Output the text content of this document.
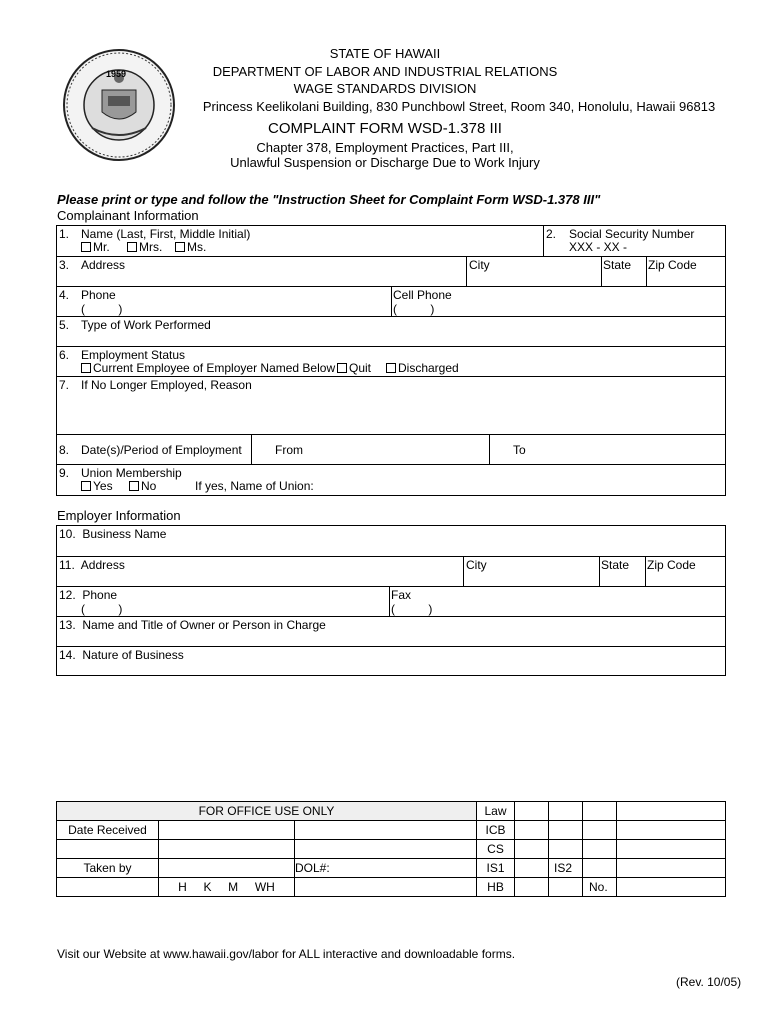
1959
STATE OF HAWAII
DEPARTMENT OF LABOR AND INDUSTRIAL RELATIONS
WAGE STANDARDS DIVISION
Princess Keelikolani Building, 830 Punchbowl Street, Room 340, Honolulu, Hawaii 96813
COMPLAINT FORM WSD-1.378 III
Chapter 378, Employment Practices, Part III,
Unlawful Suspension or Discharge Due to Work Injury
Please print or type and follow the "Instruction Sheet for Complaint Form WSD-1.378 III"
Complainant Information
1. Name (Last, First, Middle Initial)
Mr.	Mrs.	Ms.
2. Social Security Number
XXX - XX -
3. Address	City	State Zip Code
4. Phone
(          )
Cell Phone
(          )
5. Type of Work Performed
6. Employment Status
Current Employee of Employer Named Below	Quit	Discharged
7. If No Longer Employed, Reason
8. Date(s)/Period of Employment	From	To
9. Union Membership
Yes	No	If yes, Name of Union:
Employer Information
10.  Business Name
11.  Address	City	State Zip Code
12.  Phone
(          )
Fax
(          )
13.  Name and Title of Owner or Person in Charge
14.  Nature of Business
FOR OFFICE USE ONLY			Law				
Date Received			ICB				
			CS				
Taken by		DOL#:	IS1		IS2		
	H     K     M     WH		HB			No.	
Visit our Website at www.hawaii.gov/labor for ALL interactive and downloadable forms.
(Rev. 10/05)
